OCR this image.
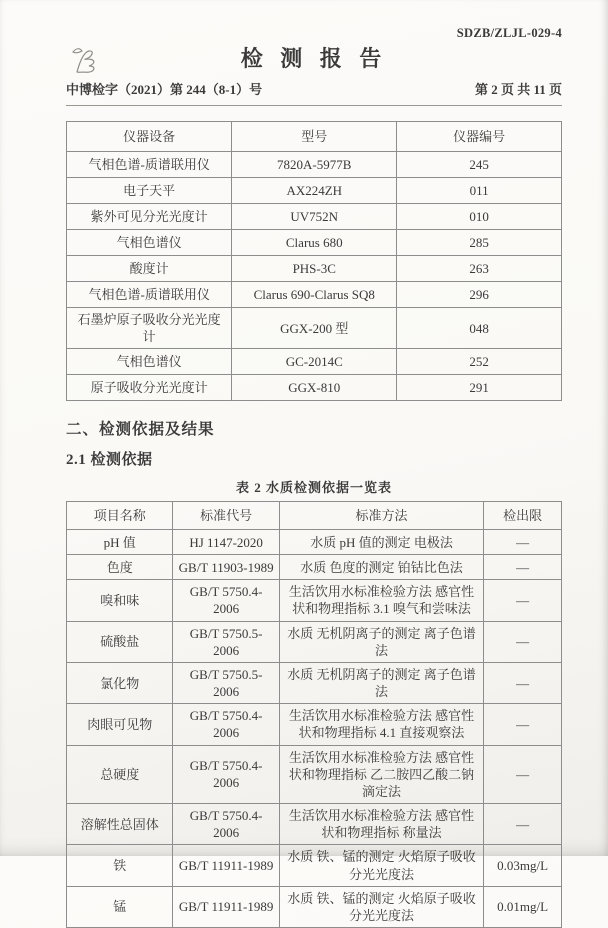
SDZB/ZLJL-029-4
检 测 报 告
中博检字（2021）第 244（8-1）号	第 2 页 共 11 页
仪器设备	型号	仪器编号
气相色谱-质谱联用仪	7820A-5977B	245
电子天平	AX224ZH	011
紫外可见分光光度计	UV752N	010
气相色谱仪	Clarus 680	285
酸度计	PHS-3C	263
气相色谱-质谱联用仪	Clarus 690-Clarus SQ8	296
石墨炉原子吸收分光光度计	GGX-200 型	048
气相色谱仪	GC-2014C	252
原子吸收分光光度计	GGX-810	291
二、检测依据及结果
2.1 检测依据
表 2 水质检测依据一览表
项目名称	标准代号	标准方法	检出限
pH 值	HJ 1147-2020	水质 pH 值的测定 电极法	—
色度	GB/T 11903-1989	水质 色度的测定 铂钴比色法	—
嗅和味	GB/T 5750.4-2006	生活饮用水标准检验方法 感官性状和物理指标 3.1 嗅气和尝味法	—
硫酸盐	GB/T 5750.5-2006	水质 无机阴离子的测定 离子色谱法	—
氯化物	GB/T 5750.5-2006	水质 无机阴离子的测定 离子色谱法	—
肉眼可见物	GB/T 5750.4-2006	生活饮用水标准检验方法 感官性状和物理指标 4.1 直接观察法	—
总硬度	GB/T 5750.4-2006	生活饮用水标准检验方法 感官性状和物理指标 乙二胺四乙酸二钠滴定法	—
溶解性总固体	GB/T 5750.4-2006	生活饮用水标准检验方法 感官性状和物理指标 称量法	—
铁	GB/T 11911-1989	水质 铁、锰的测定 火焰原子吸收分光光度法	0.03mg/L
锰	GB/T 11911-1989	水质 铁、锰的测定 火焰原子吸收分光光度法	0.01mg/L
